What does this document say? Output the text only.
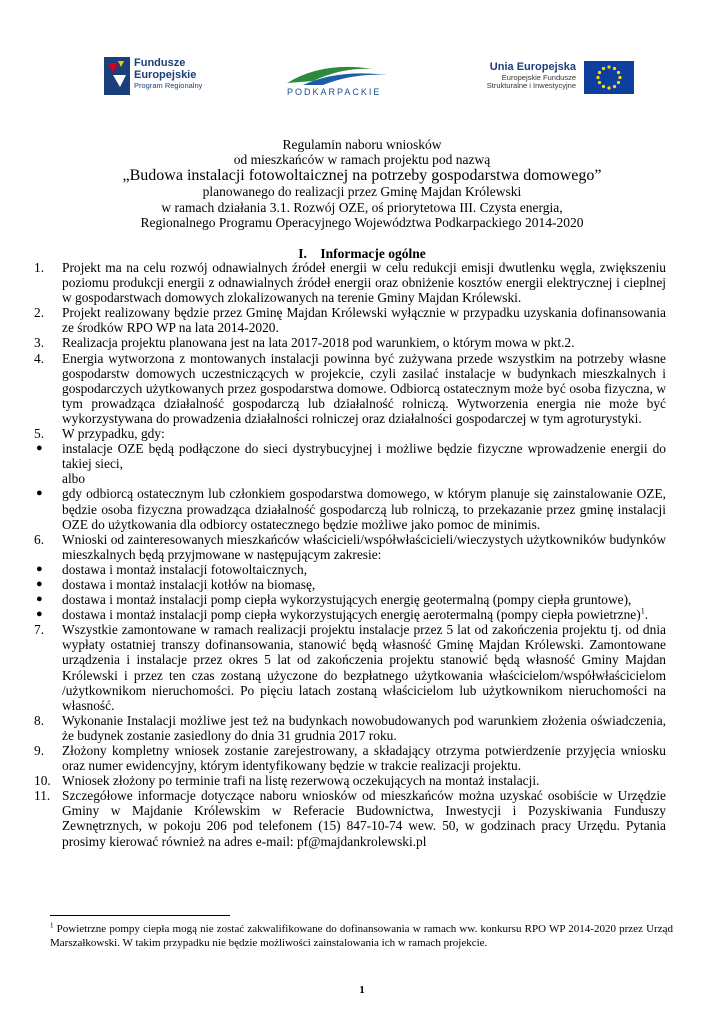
Fundusze
Europejskie
Program Regionalny
PODKARPACKIE
Unia Europejska
Europejskie Fundusze
Strukturalne i Inwestycyjne
Regulamin naboru wniosków
od mieszkańców w ramach projektu pod nazwą
„Budowa instalacji fotowoltaicznej na potrzeby gospodarstwa domowego”
planowanego do realizacji przez Gminę Majdan Królewski
w ramach działania 3.1. Rozwój OZE, oś priorytetowa III. Czysta energia,
Regionalnego Programu Operacyjnego Województwa Podkarpackiego 2014-2020
I.    Informacje ogólne
1. Projekt ma na celu rozwój odnawialnych źródeł energii w celu redukcji emisji dwutlenku węgla, zwiększeniu poziomu produkcji energii z odnawialnych źródeł energii oraz obniżenie kosztów energii elektrycznej i cieplnej w gospodarstwach domowych zlokalizowanych na terenie Gminy Majdan Królewski.
2. Projekt realizowany będzie przez Gminę Majdan Królewski wyłącznie w przypadku uzyskania dofinansowania ze środków RPO WP na lata 2014-2020.
3. Realizacja projektu planowana jest na lata 2017-2018 pod warunkiem, o którym mowa w pkt.2.
4. Energia wytworzona z montowanych instalacji powinna być zużywana przede wszystkim na potrzeby własne gospodarstw domowych uczestniczących w projekcie, czyli zasilać instalacje w budynkach mieszkalnych i gospodarczych użytkowanych przez gospodarstwa domowe. Odbiorcą ostatecznym może być osoba fizyczna, w tym prowadząca działalność gospodarczą lub działalność rolniczą. Wytworzenia energia nie może być wykorzystywana do prowadzenia działalności rolniczej oraz działalności gospodarczej w tym agroturystyki.
5. W przypadku, gdy:
● instalacje OZE będą podłączone do sieci dystrybucyjnej i możliwe będzie fizyczne wprowadzenie energii do takiej sieci,
albo
● gdy odbiorcą ostatecznym lub członkiem gospodarstwa domowego, w którym planuje się zainstalowanie OZE, będzie osoba fizyczna prowadząca działalność gospodarczą lub rolniczą, to przekazanie przez gminę instalacji OZE do użytkowania dla odbiorcy ostatecznego będzie możliwe jako pomoc de minimis.
6. Wnioski od zainteresowanych mieszkańców właścicieli/współwłaścicieli/wieczystych użytkowników budynków mieszkalnych będą przyjmowane w następującym zakresie:
● dostawa i montaż instalacji fotowoltaicznych,
● dostawa i montaż instalacji kotłów na biomasę,
● dostawa i montaż instalacji pomp ciepła wykorzystujących energię geotermalną (pompy ciepła gruntowe),
● dostawa i montaż instalacji pomp ciepła wykorzystujących energię aerotermalną (pompy ciepła powietrzne)$^1$.
7. Wszystkie zamontowane w ramach realizacji projektu instalacje przez 5 lat od zakończenia projektu tj. od dnia wypłaty ostatniej transzy dofinansowania, stanowić będą własność Gminę Majdan Królewski. Zamontowane urządzenia i instalacje przez okres 5 lat od zakończenia projektu stanowić będą własność Gminy Majdan Królewski i przez ten czas zostaną użyczone do bezpłatnego użytkowania właścicielom/współwłaścicielom /użytkownikom nieruchomości. Po pięciu latach zostaną właścicielom lub użytkownikom nieruchomości na własność.
8. Wykonanie Instalacji możliwe jest też na budynkach nowobudowanych pod warunkiem złożenia oświadczenia, że budynek zostanie zasiedlony do dnia 31 grudnia 2017 roku.
9. Złożony kompletny wniosek zostanie zarejestrowany, a składający otrzyma potwierdzenie przyjęcia wniosku oraz numer ewidencyjny, którym identyfikowany będzie w trakcie realizacji projektu.
10. Wniosek złożony po terminie trafi na listę rezerwową oczekujących na montaż instalacji.
11. Szczegółowe informacje dotyczące naboru wniosków od mieszkańców można uzyskać osobiście w Urzędzie Gminy w Majdanie Królewskim w Referacie Budownictwa, Inwestycji i Pozyskiwania Funduszy Zewnętrznych, w pokoju 206 pod telefonem (15) 847-10-74 wew. 50, w godzinach pracy Urzędu. Pytania prosimy kierować również na adres e-mail: pf@majdankrolewski.pl
$^1$ Powietrzne pompy ciepła mogą nie zostać zakwalifikowane do dofinansowania w ramach ww. konkursu RPO WP 2014-2020 przez Urząd Marszałkowski. W takim przypadku nie będzie możliwości zainstalowania ich w ramach projekcie.
1
